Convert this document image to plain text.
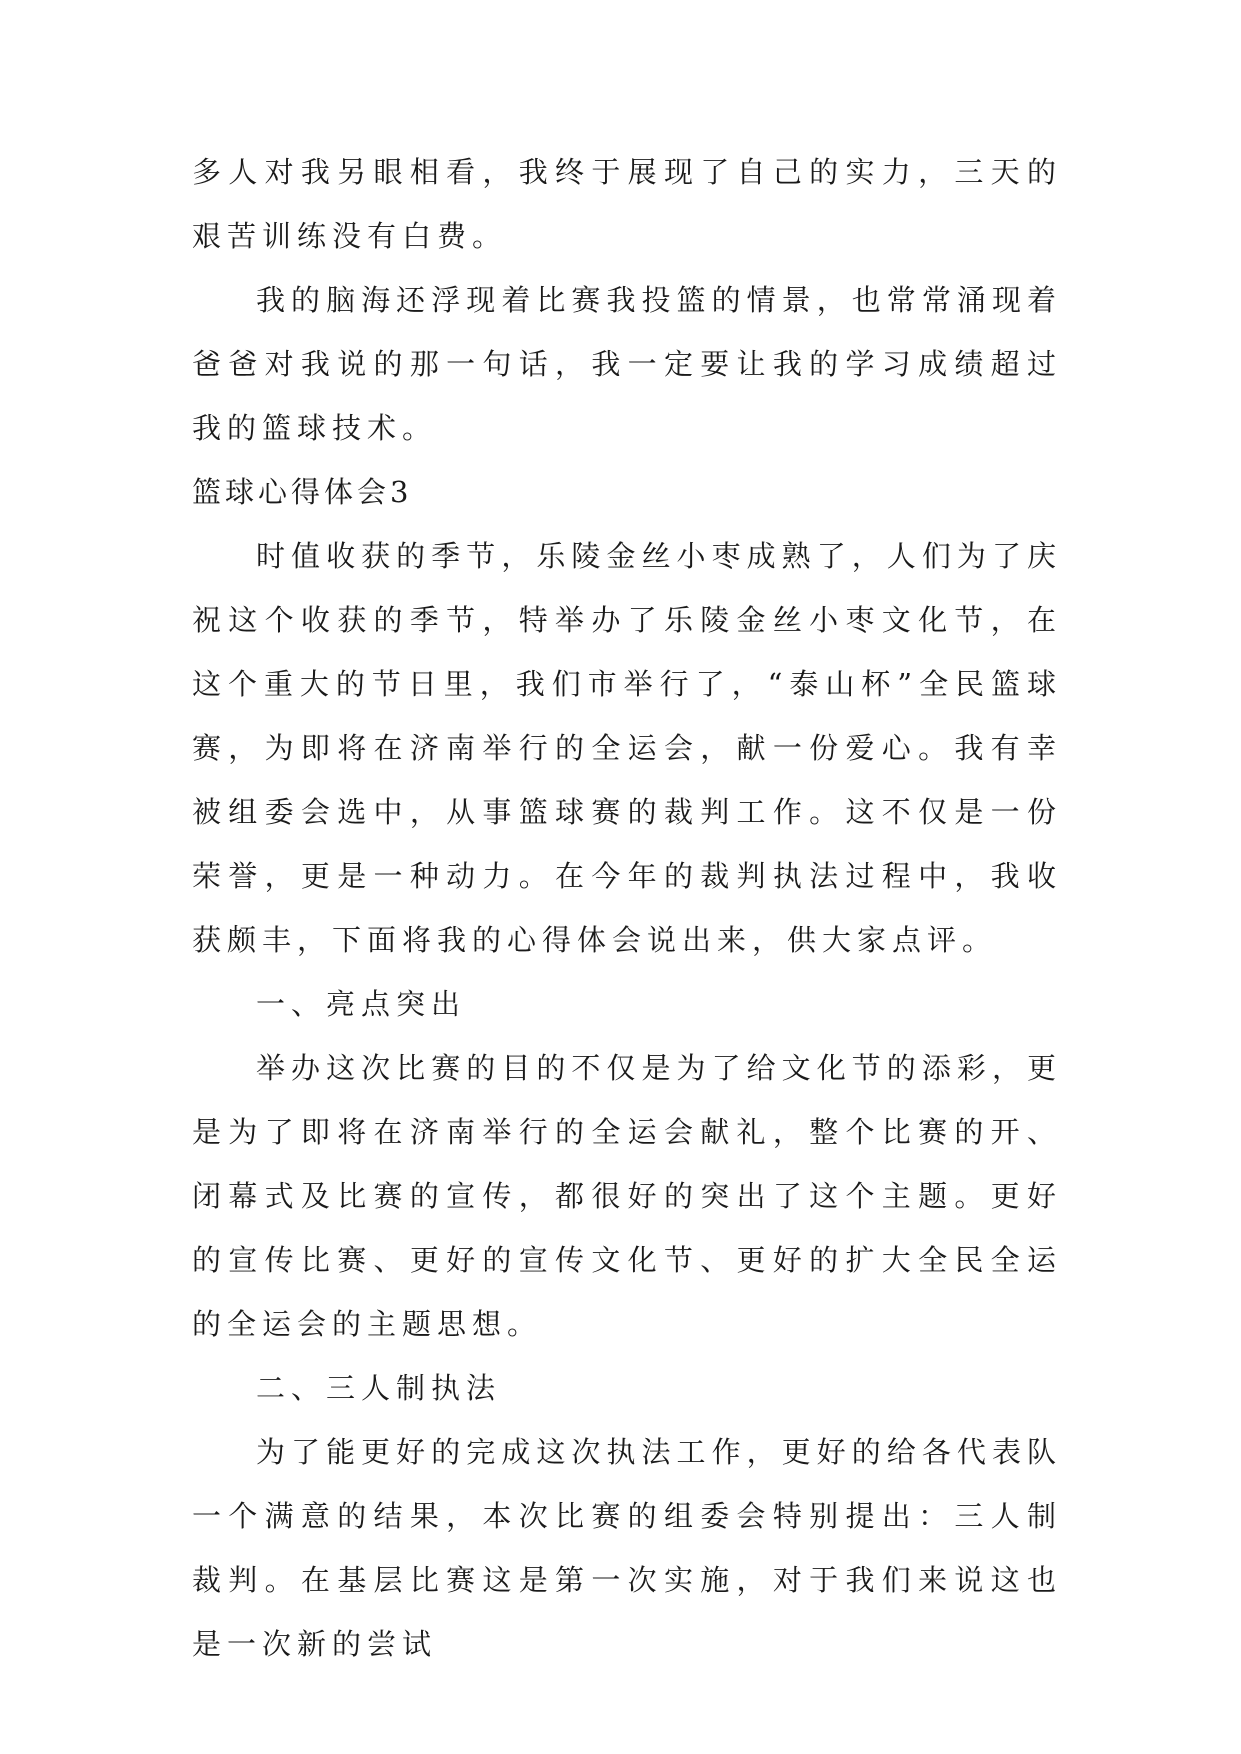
多人对我另眼相看，我终于展现了自己的实力，三天的艰苦训练没有白费。

我的脑海还浮现着比赛我投篮的情景，也常常涌现着爸爸对我说的那一句话，我一定要让我的学习成绩超过我的篮球技术。

篮球心得体会3

时值收获的季节，乐陵金丝小枣成熟了，人们为了庆祝这个收获的季节，特举办了乐陵金丝小枣文化节，在这个重大的节日里，我们市举行了，“泰山杯”全民篮球赛，为即将在济南举行的全运会，献一份爱心。我有幸被组委会选中，从事篮球赛的裁判工作。这不仅是一份荣誉，更是一种动力。在今年的裁判执法过程中，我收获颇丰，下面将我的心得体会说出来，供大家点评。

一、亮点突出

举办这次比赛的目的不仅是为了给文化节的添彩，更是为了即将在济南举行的全运会献礼，整个比赛的开、闭幕式及比赛的宣传，都很好的突出了这个主题。更好的宣传比赛、更好的宣传文化节、更好的扩大全民全运的全运会的主题思想。

二、三人制执法

为了能更好的完成这次执法工作，更好的给各代表队一个满意的结果，本次比赛的组委会特别提出：三人制裁判。在基层比赛这是第一次实施，对于我们来说这也是一次新的尝试
